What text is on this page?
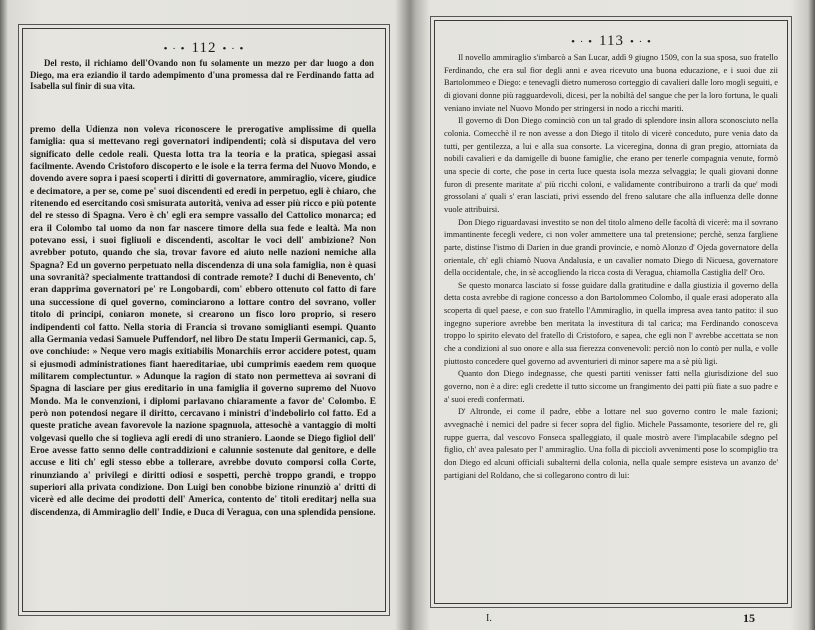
• · • 112 • · •

Del resto, il richiamo dell'Ovando non fu solamente un mezzo per dar luogo a don Diego, ma era eziandio il tardo adempimento d'una promessa dal re Ferdinando fatta ad Isabella sul finir di sua vita.

premo della Udienza non voleva riconoscere le prerogative amplissime di quella famiglia: qua si mettevano regi governatori indipendenti; colà si disputava del vero significato delle cedole reali. Questa lotta tra la teoria e la pratica, spiegasi assai facilmente. Avendo Cristoforo discoperto e le isole e la terra ferma del Nuovo Mondo, e dovendo avere sopra i paesi scoperti i diritti di governatore, ammiraglio, vicere, giudice e decimatore, a per se, come pe' suoi discendenti ed eredi in perpetuo, egli è chiaro, che ritenendo ed esercitando così smisurata autorità, veniva ad esser più ricco e più potente del re stesso di Spagna. Vero è ch' egli era sempre vassallo del Cattolico monarca; ed era il Colombo tal uomo da non far nascere timore della sua fede e lealtà. Ma non potevano essi, i suoi figliuoli e discendenti, ascoltar le voci dell' ambizione? Non avrebber potuto, quando che sia, trovar favore ed aiuto nelle nazioni nemiche alla Spagna? Ed un governo perpetuato nella discendenza di una sola famiglia, non è quasi una sovranità? specialmente trattandosi di contrade remote? I duchi di Benevento, ch' eran dapprima governatori pe' re Longobardi, com' ebbero ottenuto col fatto di fare una successione di quel governo, cominciarono a lottare contro del sovrano, voller titolo di principi, coniaron monete, si crearono un fisco loro proprio, si resero indipendenti col fatto. Nella storia di Francia si trovano somiglianti esempi. Quanto alla Germania vedasi Samuele Puffendorf, nel libro De statu Imperii Germanici, cap. 5, ove conchiude: » Neque vero magis exitiabilis Monarchiis error accidere potest, quam si ejusmodi administrationes fiant haereditariae, ubi cumprimis eaedem rem quoque militarem complectuntur. » Adunque la ragion di stato non permetteva ai sovrani di Spagna di lasciare per gius ereditario in una famiglia il governo supremo del Nuovo Mondo. Ma le convenzioni, i diplomi parlavano chiaramente a favor de' Colombo. E però non potendosi negare il diritto, cercavano i ministri d'indebolirlo col fatto. Ed a queste pratiche avean favorevole la nazione spagnuola, attesochè a vantaggio di molti volgevasi quello che si toglieva agli eredi di uno straniero. Laonde se Diego figliol dell' Eroe avesse fatto senno delle contraddizioni e calunnie sostenute dal genitore, e delle accuse e liti ch' egli stesso ebbe a tollerare, avrebbe dovuto comporsi colla Corte, rinunziando a' privilegi e diritti odiosi e sospetti, perchè troppo grandi, e troppo superiori alla privata condizione. Don Luigi ben conobbe bizione rinunziò a' dritti di vicerè ed alle decime dei prodotti dell' America, contento de' titoli ereditarj nella sua discendenza, di Ammiraglio dell' Indie, e Duca di Veragua, con una splendida pensione.

• · • 113 • · •

Il novello ammiraglio s'imbarcò a San Lucar, addì 9 giugno 1509, con la sua sposa, suo fratello Ferdinando, che era sul fior degli anni e avea ricevuto una buona educazione, e i suoi due zii Bartolommeo e Diego: e tenevagli dietro numeroso corteggio di cavalieri dalle loro mogli seguiti, e di giovani donne più ragguardevoli, dicesi, per la nobiltà del sangue che per la loro fortuna, le quali veniano inviate nel Nuovo Mondo per stringersi in nodo a ricchi mariti.

Il governo di Don Diego cominciò con un tal grado di splendore insin allora sconosciuto nella colonia. Comecchè il re non avesse a don Diego il titolo di vicerè conceduto, pure venia dato da tutti, per gentilezza, a lui e alla sua consorte. La viceregina, donna di gran pregio, attorniata da nobili cavalieri e da damigelle di buone famiglie, che erano per tenerle compagnia venute, formò una specie di corte, che pose in certa luce questa isola mezza selvaggia; le quali giovani donne furon di presente maritate a' più ricchi coloni, e validamente contribuirono a trarli da que' modi grossolani a' quali s' eran lasciati, privi essendo del freno salutare che alla influenza delle donne vuole attribuirsi.

Don Diego riguardavasi investito se non del titolo almeno delle facoltà di vicerè: ma il sovrano immantinente fecegli vedere, ci non voler ammettere una tal pretensione; perchè, senza fargliene parte, distinse l'istmo di Darien in due grandi provincie, e nomò Alonzo d' Ojeda governatore della orientale, ch' egli chiamò Nuova Andalusia, e un cavalier nomato Diego di Nicuesa, governatore della occidentale, che, in sè accogliendo la ricca costa di Veragua, chiamolla Castiglia dell' Oro.

Se questo monarca lasciato si fosse guidare dalla gratitudine e dalla giustizia il governo della detta costa avrebbe di ragione concesso a don Bartolommeo Colombo, il quale erasi adoperato alla scoperta di quel paese, e con suo fratello l'Ammiraglio, in quella impresa avea tanto patito: il suo ingegno superiore avrebbe ben meritata la investitura di tal carica; ma Ferdinando conosceva troppo lo spirito elevato del fratello di Cristoforo, e sapea, che egli non l' avrebbe accettata se non che a condizioni al suo onore e alla sua fierezza convenevoli: perciò non lo contò per nulla, e volle piuttosto concedere quel governo ad avventurieri di minor sapere ma a sè più ligi.

Quanto don Diego indegnasse, che questi partiti venisser fatti nella giurisdizione del suo governo, non è a dire: egli credette il tutto siccome un frangimento dei patti più fiate a suo padre e a' suoi eredi confermati.

D' Altronde, ei come il padre, ebbe a lottare nel suo governo contro le male fazioni; avvegnachè i nemici del padre si fecer sopra del figlio. Michele Passamonte, tesoriere del re, gli ruppe guerra, dal vescovo Fonseca spalleggiato, il quale mostrò avere l'implacabile sdegno pel figlio, ch' avea palesato per l' ammiraglio. Una folla di piccioli avvenimenti pose lo scompiglio tra don Diego ed alcuni officiali subalterni della colonia, nella quale sempre esisteva un avanzo de' partigiani del Roldano, che si collegarono contro di lui:

I.	15
